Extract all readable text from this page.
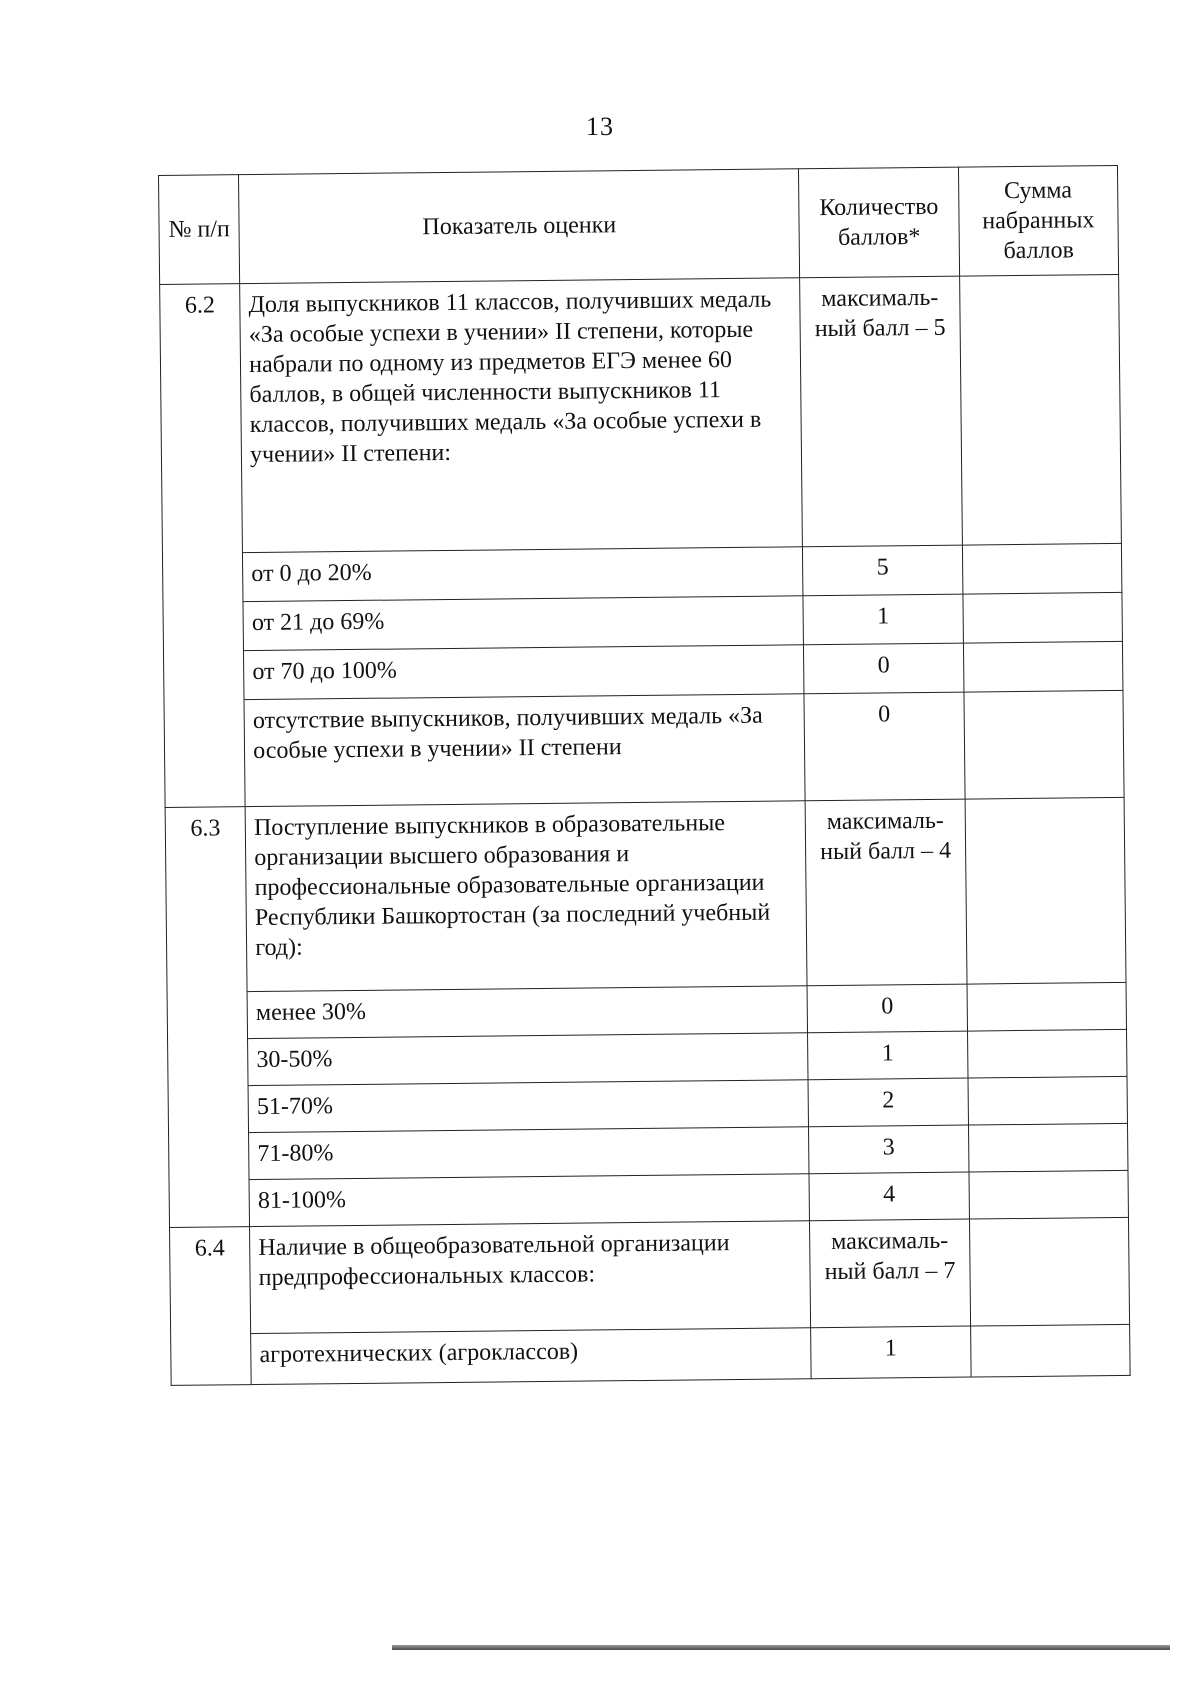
13
№ п/п	Показатель оценки	Количество баллов*	Сумма набранных баллов
6.2	Доля выпускников 11 классов, получивших медаль «За особые успехи в учении» II степени, которые набрали по одному из предметов ЕГЭ менее 60 баллов, в общей численности выпускников 11 классов, получивших медаль «За особые успехи в учении» II степени:	максималь-ный балл – 5	
	от 0 до 20%	5	
	от 21 до 69%	1	
	от 70 до 100%	0	
	отсутствие выпускников, получивших медаль «За особые успехи в учении» II степени	0	
6.3	Поступление выпускников в образовательные организации высшего образования и профессиональные образовательные организации Республики Башкортостан (за последний учебный год):	максималь-ный балл – 4	
	менее 30%	0	
	30-50%	1	
	51-70%	2	
	71-80%	3	
	81-100%	4	
6.4	Наличие в общеобразовательной организации предпрофессиональных классов:	максималь-ный балл – 7	
	агротехнических (агроклассов)	1	
